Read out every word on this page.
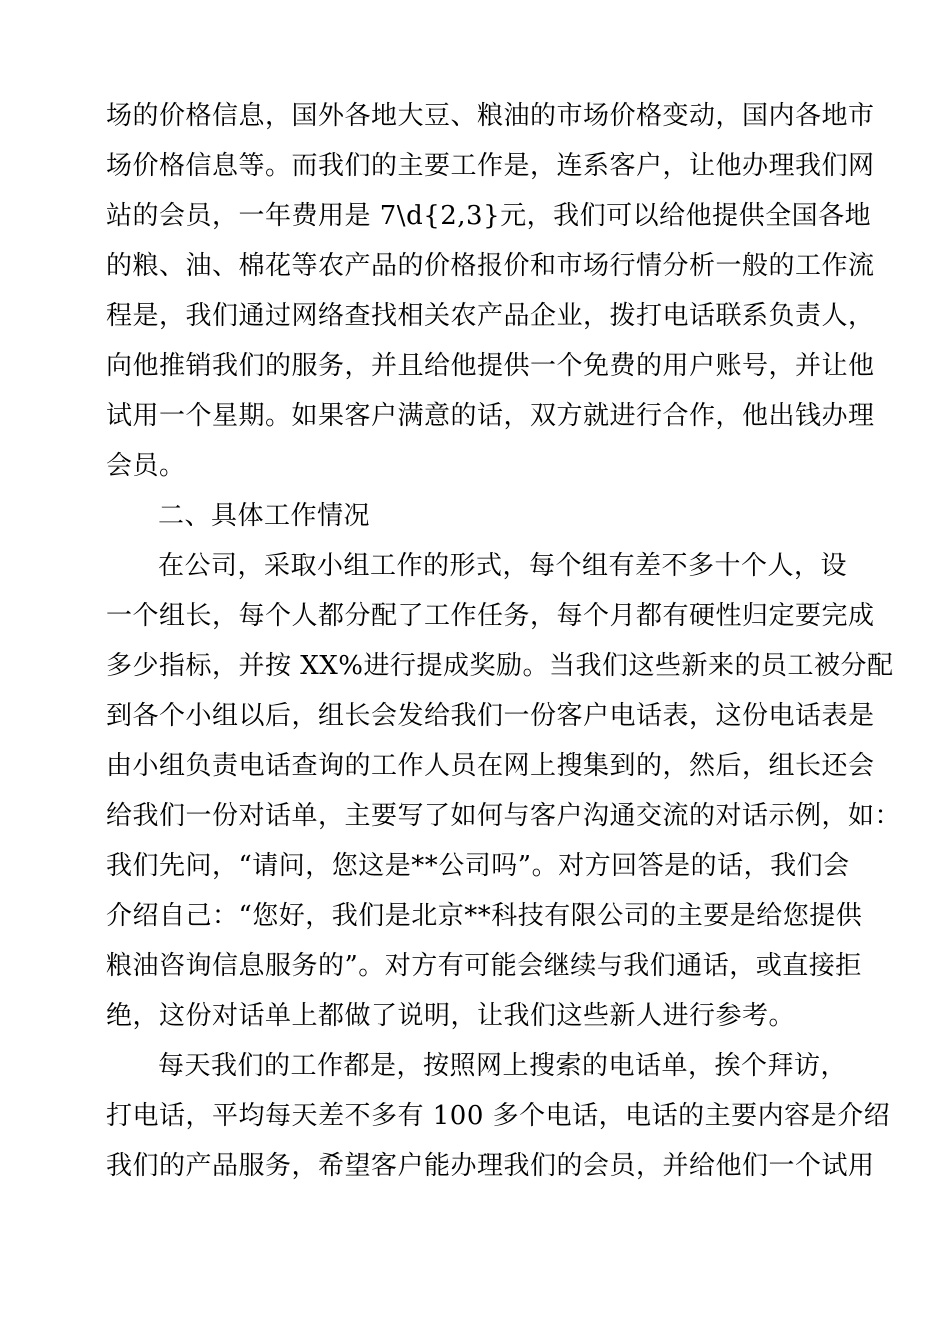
场的价格信息，国外各地大豆、粮油的市场价格变动，国内各地市
场价格信息等。而我们的主要工作是，连系客户，让他办理我们网
站的会员，一年费用是 7\d{2,3}元，我们可以给他提供全国各地
的粮、油、棉花等农产品的价格报价和市场行情分析一般的工作流
程是，我们通过网络查找相关农产品企业，拨打电话联系负责人，
向他推销我们的服务，并且给他提供一个免费的用户账号，并让他
试用一个星期。如果客户满意的话，双方就进行合作，他出钱办理
会员。
二、具体工作情况
在公司，采取小组工作的形式，每个组有差不多十个人，设
一个组长，每个人都分配了工作任务，每个月都有硬性归定要完成
多少指标，并按 XX%进行提成奖励。当我们这些新来的员工被分配
到各个小组以后，组长会发给我们一份客户电话表，这份电话表是
由小组负责电话查询的工作人员在网上搜集到的，然后，组长还会
给我们一份对话单，主要写了如何与客户沟通交流的对话示例，如：
我们先问，“请问，您这是**公司吗”。对方回答是的话，我们会
介绍自己：“您好，我们是北京**科技有限公司的主要是给您提供
粮油咨询信息服务的”。对方有可能会继续与我们通话，或直接拒
绝，这份对话单上都做了说明，让我们这些新人进行参考。
每天我们的工作都是，按照网上搜索的电话单，挨个拜访，
打电话，平均每天差不多有 100 多个电话，电话的主要内容是介绍
我们的产品服务，希望客户能办理我们的会员，并给他们一个试用
